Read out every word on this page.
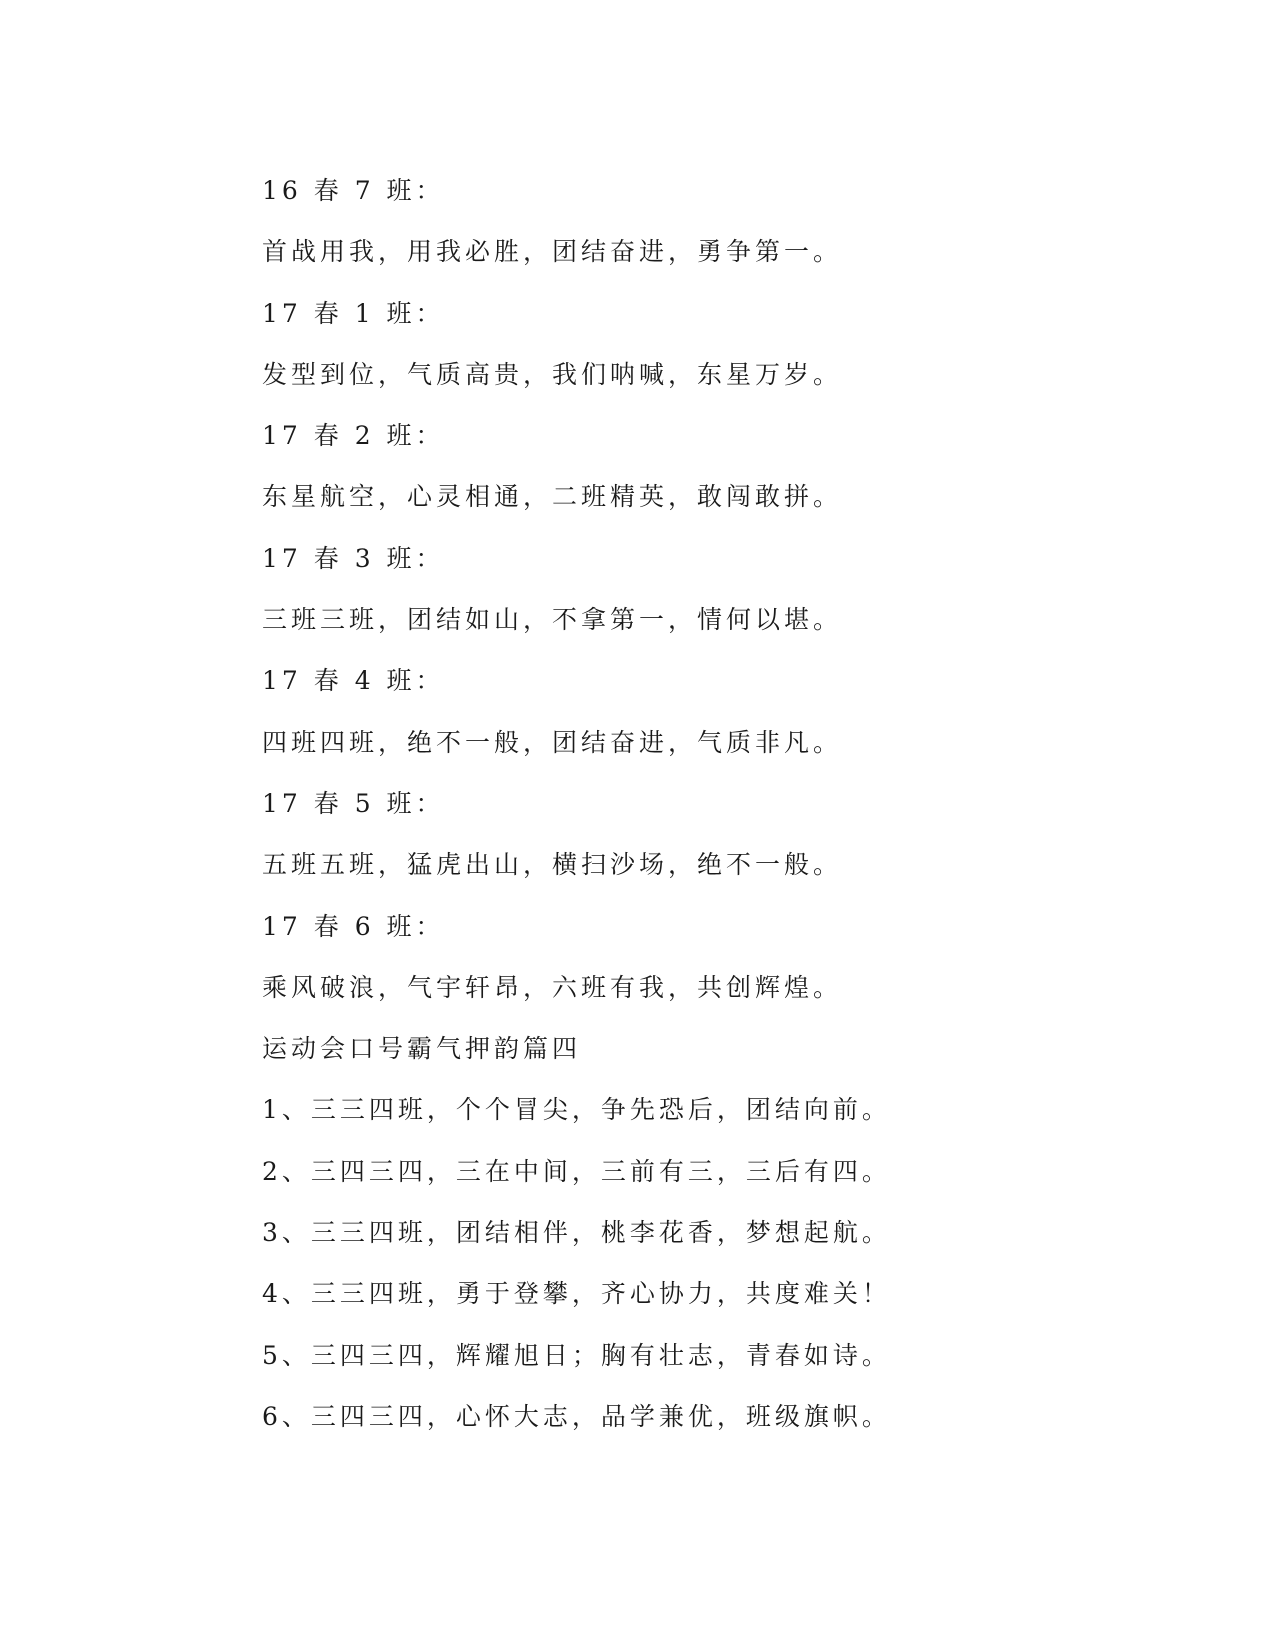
16 春 7 班：
首战用我，用我必胜，团结奋进，勇争第一。
17 春 1 班：
发型到位，气质高贵，我们呐喊，东星万岁。
17 春 2 班：
东星航空，心灵相通，二班精英，敢闯敢拼。
17 春 3 班：
三班三班，团结如山，不拿第一，情何以堪。
17 春 4 班：
四班四班，绝不一般，团结奋进，气质非凡。
17 春 5 班：
五班五班，猛虎出山，横扫沙场，绝不一般。
17 春 6 班：
乘风破浪，气宇轩昂，六班有我，共创辉煌。
运动会口号霸气押韵篇四
1、三三四班，个个冒尖，争先恐后，团结向前。
2、三四三四，三在中间，三前有三，三后有四。
3、三三四班，团结相伴，桃李花香，梦想起航。
4、三三四班，勇于登攀，齐心协力，共度难关！
5、三四三四，辉耀旭日；胸有壮志，青春如诗。
6、三四三四，心怀大志，品学兼优，班级旗帜。
